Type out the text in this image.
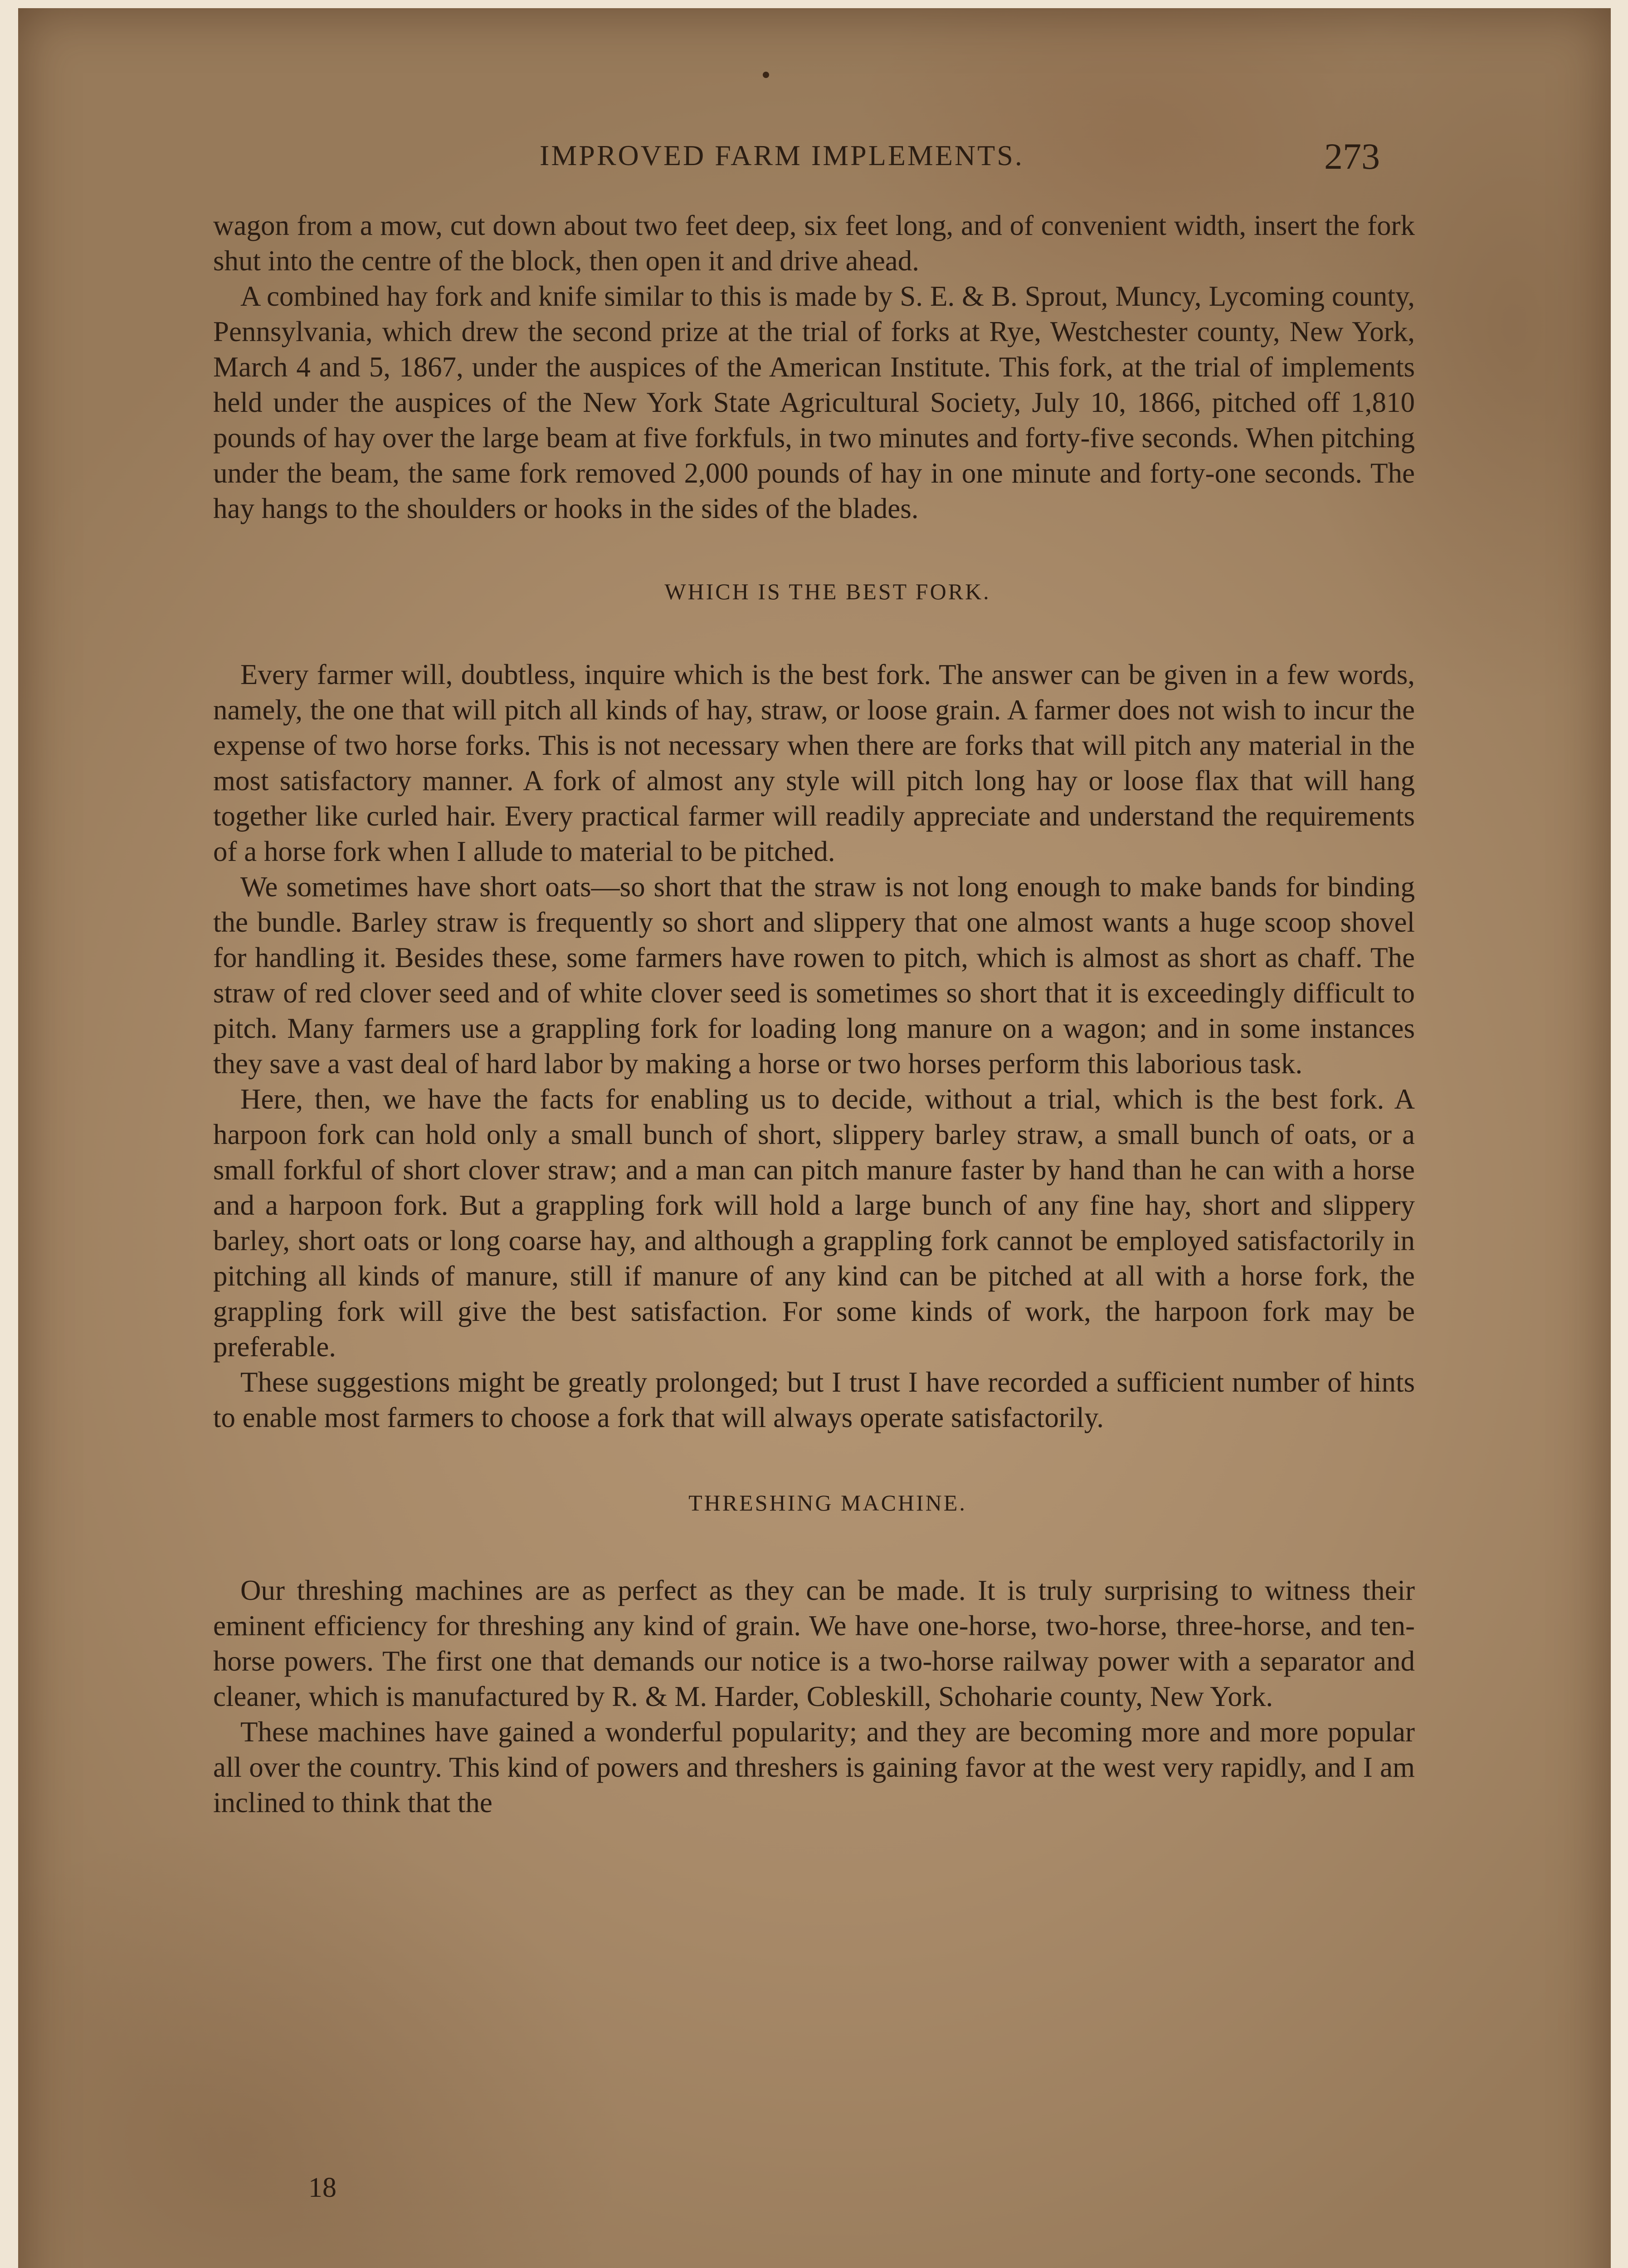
IMPROVED FARM IMPLEMENTS.	273

wagon from a mow, cut down about two feet deep, six feet long, and of convenient width, insert the fork shut into the centre of the block, then open it and drive ahead.

A combined hay fork and knife similar to this is made by S. E. & B. Sprout, Muncy, Lycoming county, Pennsylvania, which drew the second prize at the trial of forks at Rye, Westchester county, New York, March 4 and 5, 1867, under the auspices of the American Institute. This fork, at the trial of implements held under the auspices of the New York State Agricultural Society, July 10, 1866, pitched off 1,810 pounds of hay over the large beam at five forkfuls, in two minutes and forty-five seconds. When pitching under the beam, the same fork removed 2,000 pounds of hay in one minute and forty-one seconds. The hay hangs to the shoulders or hooks in the sides of the blades.

WHICH IS THE BEST FORK.

Every farmer will, doubtless, inquire which is the best fork. The answer can be given in a few words, namely, the one that will pitch all kinds of hay, straw, or loose grain. A farmer does not wish to incur the expense of two horse forks. This is not necessary when there are forks that will pitch any material in the most satisfactory manner. A fork of almost any style will pitch long hay or loose flax that will hang together like curled hair. Every practical farmer will readily appreciate and understand the requirements of a horse fork when I allude to material to be pitched.

We sometimes have short oats—so short that the straw is not long enough to make bands for binding the bundle. Barley straw is frequently so short and slippery that one almost wants a huge scoop shovel for handling it. Besides these, some farmers have rowen to pitch, which is almost as short as chaff. The straw of red clover seed and of white clover seed is sometimes so short that it is exceedingly difficult to pitch. Many farmers use a grappling fork for loading long manure on a wagon; and in some instances they save a vast deal of hard labor by making a horse or two horses perform this laborious task.

Here, then, we have the facts for enabling us to decide, without a trial, which is the best fork. A harpoon fork can hold only a small bunch of short, slippery barley straw, a small bunch of oats, or a small forkful of short clover straw; and a man can pitch manure faster by hand than he can with a horse and a harpoon fork. But a grappling fork will hold a large bunch of any fine hay, short and slippery barley, short oats or long coarse hay, and although a grappling fork cannot be employed satisfactorily in pitching all kinds of manure, still if manure of any kind can be pitched at all with a horse fork, the grappling fork will give the best satisfaction. For some kinds of work, the harpoon fork may be preferable.

These suggestions might be greatly prolonged; but I trust I have recorded a sufficient number of hints to enable most farmers to choose a fork that will always operate satisfactorily.

THRESHING MACHINE.

Our threshing machines are as perfect as they can be made. It is truly surprising to witness their eminent efficiency for threshing any kind of grain. We have one-horse, two-horse, three-horse, and ten-horse powers. The first one that demands our notice is a two-horse railway power with a separator and cleaner, which is manufactured by R. & M. Harder, Cobleskill, Schoharie county, New York.

These machines have gained a wonderful popularity; and they are becoming more and more popular all over the country. This kind of powers and threshers is gaining favor at the west very rapidly, and I am inclined to think that the

18
